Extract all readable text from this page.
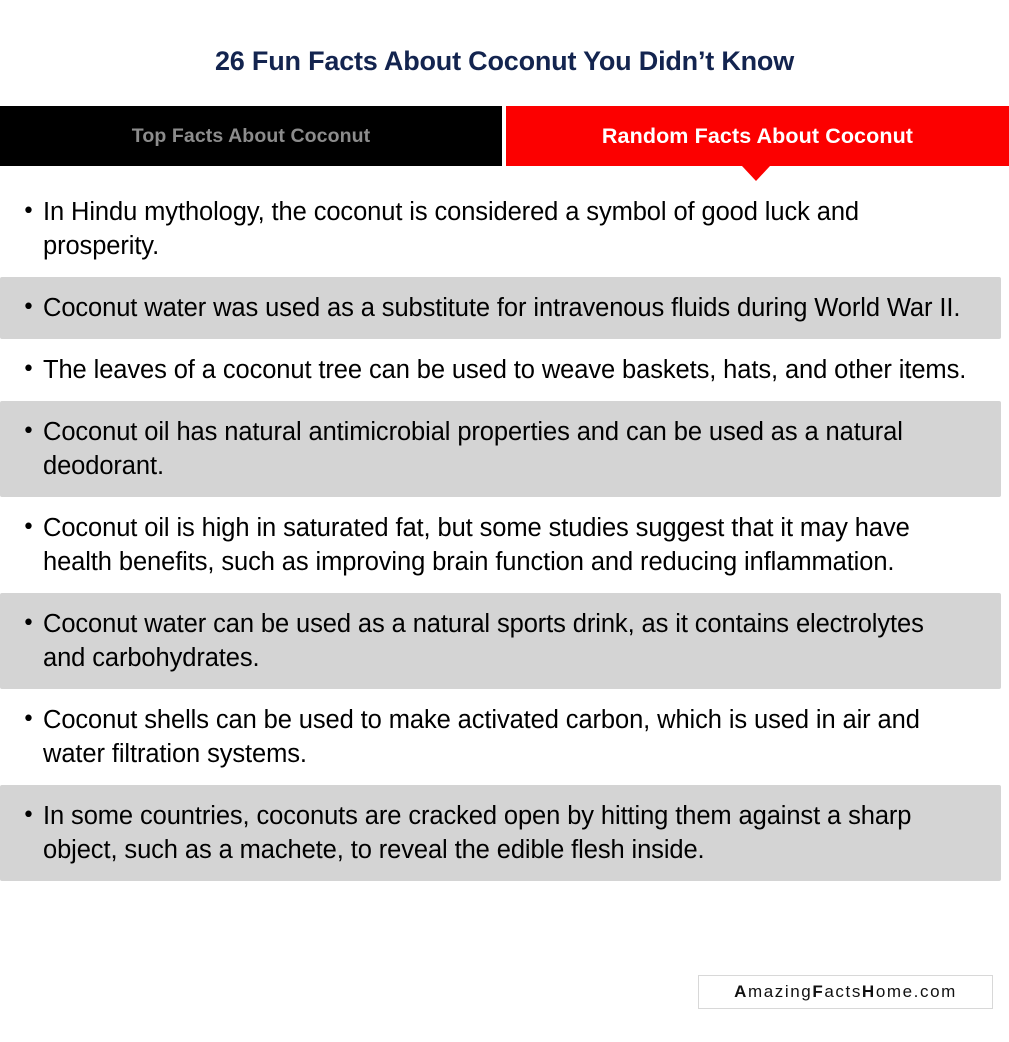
26 Fun Facts About Coconut You Didn’t Know
Top Facts About Coconut	Random Facts About Coconut
• In Hindu mythology, the coconut is considered a symbol of good luck and prosperity.
• Coconut water was used as a substitute for intravenous fluids during World War II.
• The leaves of a coconut tree can be used to weave baskets, hats, and other items.
• Coconut oil has natural antimicrobial properties and can be used as a natural deodorant.
• Coconut oil is high in saturated fat, but some studies suggest that it may have health benefits, such as improving brain function and reducing inflammation.
• Coconut water can be used as a natural sports drink, as it contains electrolytes and carbohydrates.
• Coconut shells can be used to make activated carbon, which is used in air and water filtration systems.
• In some countries, coconuts are cracked open by hitting them against a sharp object, such as a machete, to reveal the edible flesh inside.
AmazingFactsHome.com
